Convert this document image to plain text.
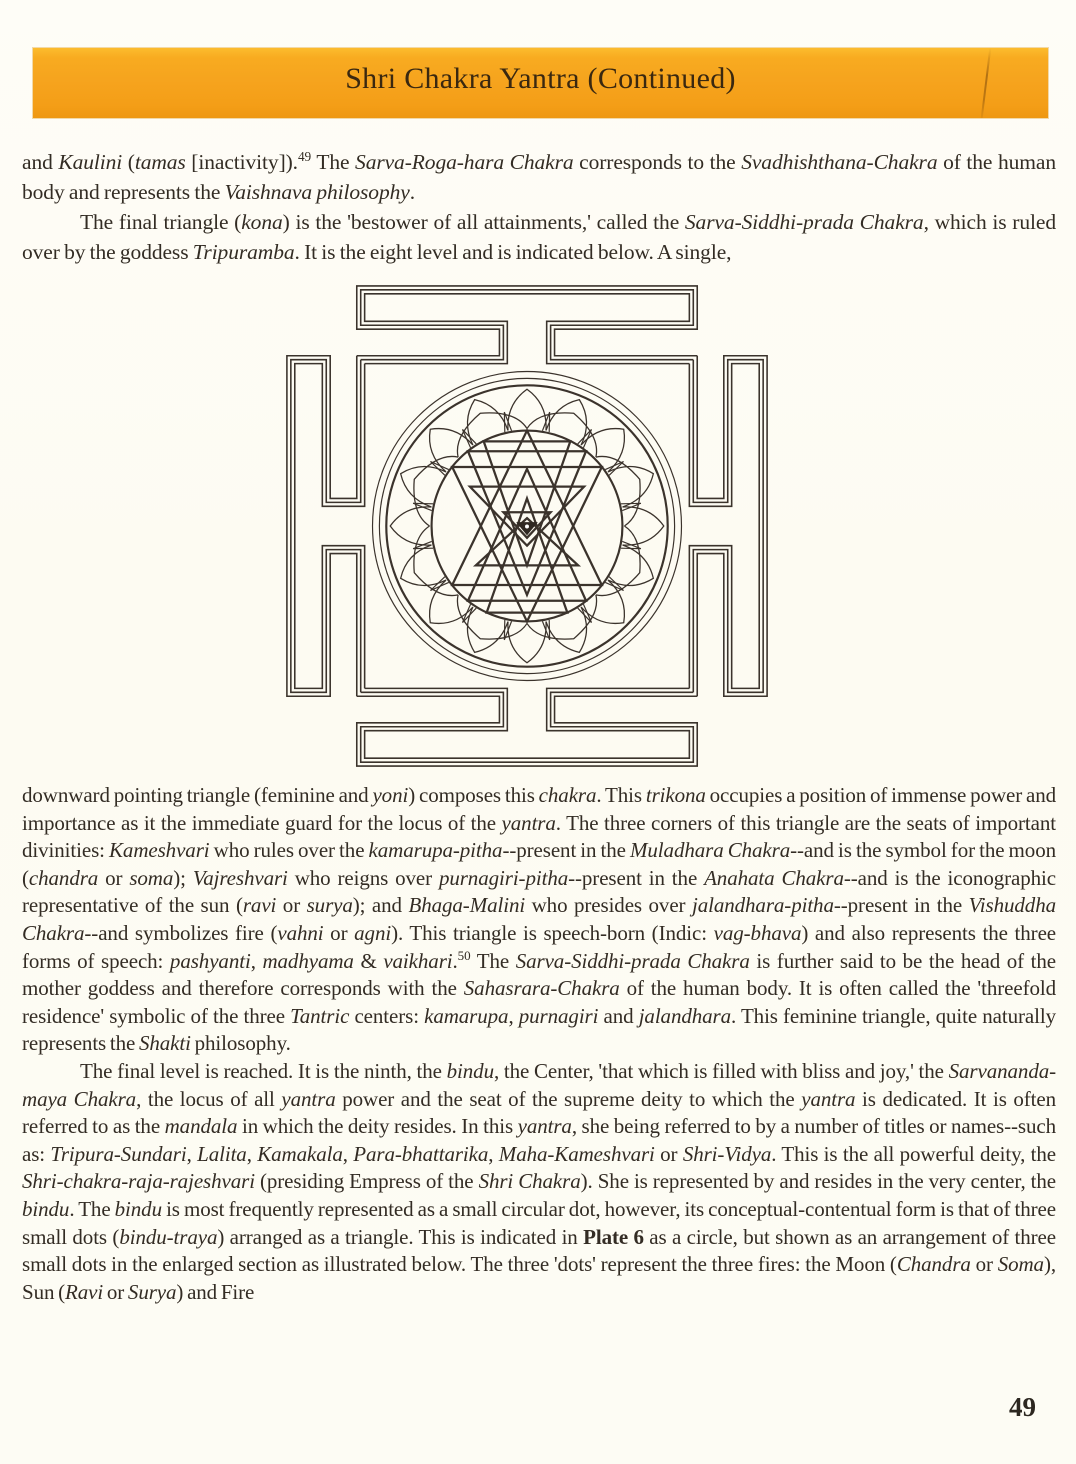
Shri Chakra Yantra (Continued)

and Kaulini (tamas [inactivity]).$^{49}$ The Sarva-Roga-hara Chakra corresponds to the Svadhishthana-Chakra of the human body and represents the Vaishnava philosophy.

The final triangle (kona) is the 'bestower of all attainments,' called the Sarva-Siddhi-prada Chakra, which is ruled over by the goddess Tripuramba. It is the eight level and is indicated below. A single,

downward pointing triangle (feminine and yoni) composes this chakra. This trikona occupies a position of immense power and importance as it the immediate guard for the locus of the yantra. The three corners of this triangle are the seats of important divinities: Kameshvari who rules over the kamarupa-pitha--present in the Muladhara Chakra--and is the symbol for the moon (chandra or soma); Vajreshvari who reigns over purnagiri-pitha--present in the Anahata Chakra--and is the iconographic representative of the sun (ravi or surya); and Bhaga-Malini who presides over jalandhara-pitha--present in the Vishuddha Chakra--and symbolizes fire (vahni or agni). This triangle is speech-born (Indic: vag-bhava) and also represents the three forms of speech: pashyanti, madhyama & vaikhari.$^{50}$ The Sarva-Siddhi-prada Chakra is further said to be the head of the mother goddess and therefore corresponds with the Sahasrara-Chakra of the human body. It is often called the 'threefold residence' symbolic of the three Tantric centers: kamarupa, purnagiri and jalandhara. This feminine triangle, quite naturally represents the Shakti philosophy.

The final level is reached. It is the ninth, the bindu, the Center, 'that which is filled with bliss and joy,' the Sarvananda-maya Chakra, the locus of all yantra power and the seat of the supreme deity to which the yantra is dedicated. It is often referred to as the mandala in which the deity resides. In this yantra, she being referred to by a number of titles or names--such as: Tripura-Sundari, Lalita, Kamakala, Para-bhattarika, Maha-Kameshvari or Shri-Vidya. This is the all powerful deity, the Shri-chakra-raja-rajeshvari (presiding Empress of the Shri Chakra). She is represented by and resides in the very center, the bindu. The bindu is most frequently represented as a small circular dot, however, its conceptual-contentual form is that of three small dots (bindu-traya) arranged as a triangle. This is indicated in Plate 6 as a circle, but shown as an arrangement of three small dots in the enlarged section as illustrated below. The three 'dots' represent the three fires: the Moon (Chandra or Soma), Sun (Ravi or Surya) and Fire

49
